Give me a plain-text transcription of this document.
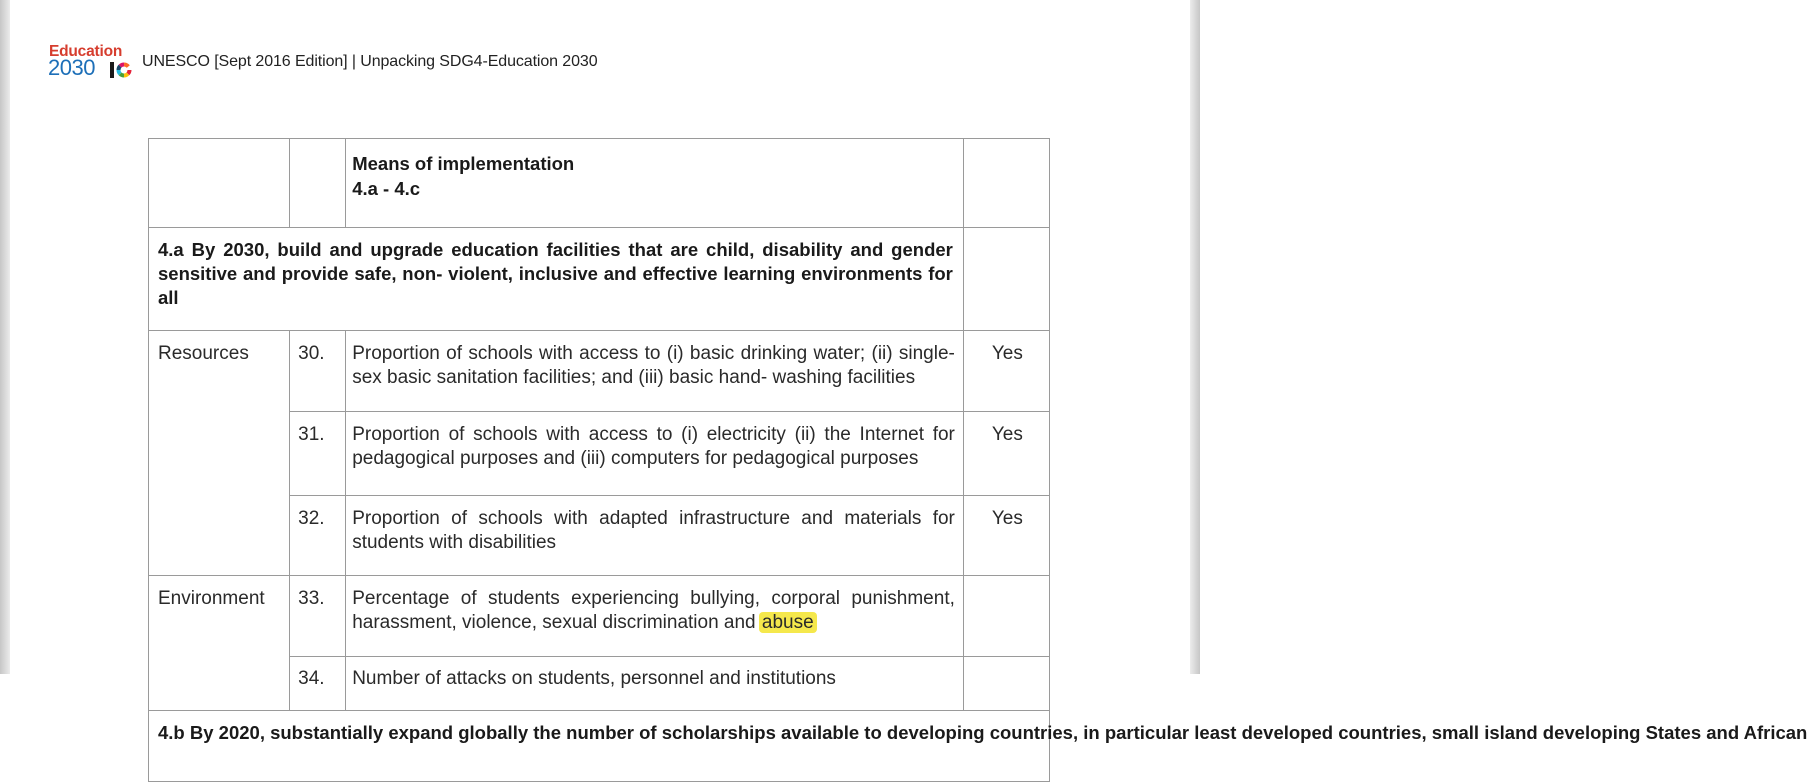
Education
2030	UNESCO [Sept 2016 Edition] | Unpacking SDG4-Education 2030

		Means of implementation
4.a - 4.c	

4.a By 2030, build and upgrade education facilities that are child, disability and gender sensitive and provide safe, non- violent, inclusive and effective learning environments for all			
Resources	30.	Proportion of schools with access to (i) basic drinking water; (ii) single-sex basic sanitation facilities; and (iii) basic hand- washing facilities	Yes
	31.	Proportion of schools with access to (i) electricity (ii) the Internet for pedagogical purposes and (iii) computers for pedagogical purposes	Yes
	32.	Proportion of schools with adapted infrastructure and materials for students with disabilities	Yes
Environment	33.	Percentage of students experiencing bullying, corporal punishment, harassment, violence, sexual discrimination and abuse	
	34.	Number of attacks on students, personnel and institutions	
4.b By 2020, substantially expand globally the number of scholarships available to developing countries, in particular least developed countries, small island developing States and African			
